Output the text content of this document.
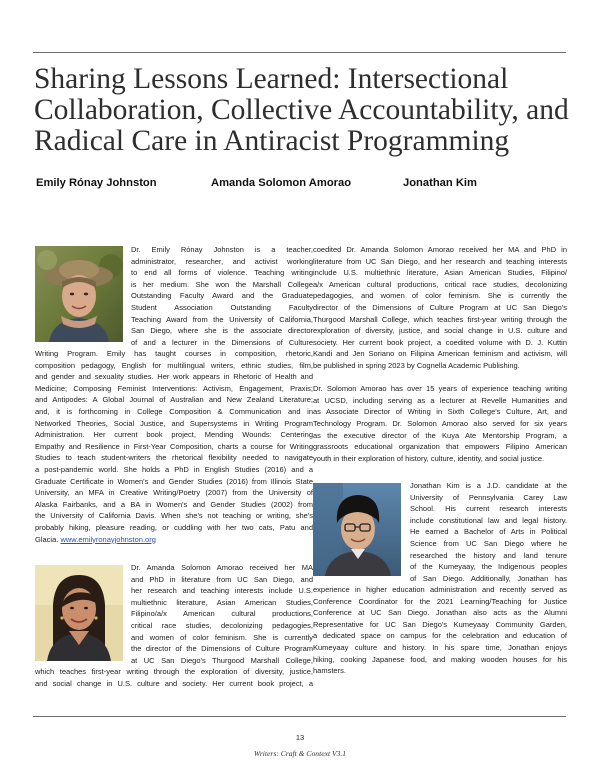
Sharing Lessons Learned: Intersectional
Collaboration, Collective Accountability, and
Radical Care in Antiracist Programming
Emily Rónay Johnston	Amanda Solomon Amorao	Jonathan Kim
Dr. Emily Rónay Johnston is a teacher,
administrator, researcher, and activist working
to end all forms of violence. Teaching writing
is her medium. She won the Marshall College
Outstanding Faculty Award and the Graduate
Student Association Outstanding Faculty
Teaching Award from the University of California,
San Diego, where she is the associate director
of and a lecturer in the Dimensions of Culture
Writing Program. Emily has taught courses in composition, rhetoric,
composition pedagogy, English for multilingual writers, ethnic studies, film,
and gender and sexuality studies. Her work appears in Rhetoric of Health and
Medicine; Composing Feminist Interventions: Activism, Engagement, Praxis;
and Antipodes: A Global Journal of Australian and New Zealand Literature;
and, it is forthcoming in College Composition & Communication and in
Networked Theories, Social Justice, and Supersystems in Writing Program
Administration. Her current book project, Mending Wounds: Centering
Empathy and Resilience in First-Year Composition, charts a course for Writing
Studies to teach student-writers the rhetorical flexibility needed to navigate
a post-pandemic world. She holds a PhD in English Studies (2016) and a
Graduate Certificate in Women's and Gender Studies (2016) from Illinois State
University, an MFA in Creative Writing/Poetry (2007) from the University of
Alaska Fairbanks, and a BA in Women's and Gender Studies (2002) from
the University of California Davis. When she's not teaching or writing, she's
probably hiking, pleasure reading, or cuddling with her two cats, Patu and
Glacia. www.emilyronayjohnston.org
Dr. Amanda Solomon Amorao received her MA
and PhD in literature from UC San Diego, and
her research and teaching interests include U.S.
multiethnic literature, Asian American Studies,
Filipino/a/x American cultural productions,
critical race studies, decolonizing pedagogies,
and women of color feminism. She is currently
the director of the Dimensions of Culture Program
at UC San Diego's Thurgood Marshall College,
which teaches first-year writing through the exploration of diversity, justice,
and social change in U.S. culture and society. Her current book project, a
coedited Dr. Amanda Solomon Amorao received her MA and PhD in
literature from UC San Diego, and her research and teaching interests
include U.S. multiethnic literature, Asian American Studies, Filipino/
a/x American cultural productions, critical race studies, decolonizing
pedagogies, and women of color feminism. She is currently the
director of the Dimensions of Culture Program at UC San Diego's
Thurgood Marshall College, which teaches first-year writing through the
exploration of diversity, justice, and social change in U.S. culture and
society. Her current book project, a coedited volume with D. J. Kuttin
Kandi and Jen Soriano on Filipina American feminism and activism, will
be published in spring 2023 by Cognella Academic Publishing.
Dr. Solomon Amorao has over 15 years of experience teaching writing
at UCSD, including serving as a lecturer at Revelle Humanities and
as Associate Director of Writing in Sixth College's Culture, Art, and
Technology Program. Dr. Solomon Amorao also served for six years
as the executive director of the Kuya Ate Mentorship Program, a
grassroots educational organization that empowers Filipino American
youth in their exploration of history, culture, identity, and social justice.
Jonathan Kim is a J.D. candidate at the
University of Pennsylvania Carey Law
School. His current research interests
include constitutional law and legal history.
He earned a Bachelor of Arts in Political
Science from UC San Diego where he
researched the history and land tenure
of the Kumeyaay, the Indigenous peoples
of San Diego. Additionally, Jonathan has
experience in higher education administration and recently served as
Conference Coordinator for the 2021 Learning/Teaching for Justice
Conference at UC San Diego. Jonathan also acts as the Alumni
Representative for UC San Diego's Kumeyaay Community Garden,
a dedicated space on campus for the celebration and education of
Kumeyaay culture and history. In his spare time, Jonathan enjoys
hiking, cooking Japanese food, and making wooden houses for his
hamsters.
13
Writers: Craft & Context V3.1
